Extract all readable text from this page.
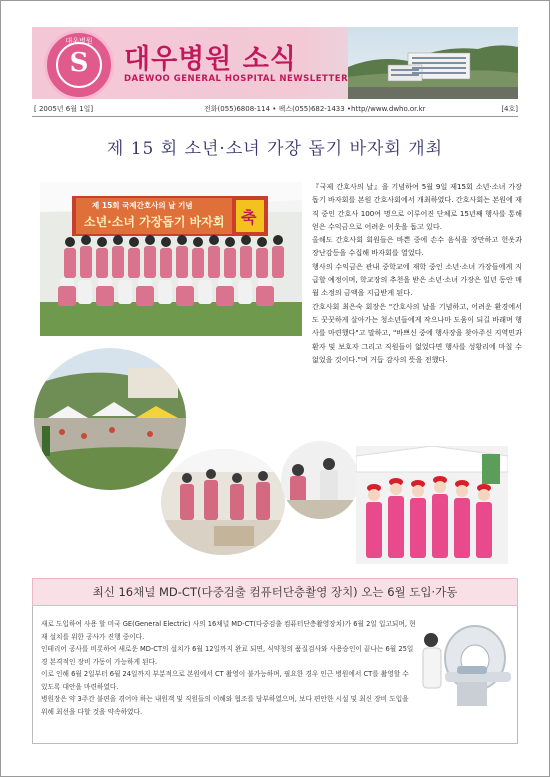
대우병원
S	대우병원 소식
DAEWOO GENERAL HOSPITAL NEWSLETTER
[ 2005년 6월 1일]	전화(055)6808-114 • 팩스(055)682-1433 •http//www.dwho.or.kr	[4호]
제 15 회 소년·소녀 가장 돕기 바자회 개최
제 15회 국제간호사의 날 기념
소년·소녀 가장돕기 바자회 축

『국제 간호사의 날』을 기념하여 5월 9일 제15회 소년·소녀 가장 돕기 바자회를 본원 간호사회에서 개최하였다. 간호사회는 본원에 재직 중인 간호사 100여 명으로 이루어진 단체로 15년째 행사를 통해 얻은 수익금으로 어려운 이웃을 돕고 있다.

올해도 간호사회 회원들은 바쁜 중에 손수 음식을 장만하고 헌옷과 장난감등을 수집해 바자회를 열었다.

행사의 수익금은 관내 중학교에 재학 중인 소년·소녀 가장들에게 지급할 예정이며, 학교장의 추천을 받은 소년·소녀 가장은 일년 동안 매월 소정의 금액을 지급받게 된다.

간호사회 최은숙 회장은 "간호사의 날을 기념하고, 어려운 환경에서도 꿋꿋하게 살아가는 청소년들에게 작으나마 도움이 되길 바래며 행사를 마련했다"고 말하고, "바쁘신 중에 행사장을 찾아주신 지역민과 환자 및 보호자 그리고 직원들이 없었다면 행사를 성황리에 마칠 수 없었을 것이다."며 거듭 감사의 뜻을 전했다.

최신 16채널 MD-CT(다중검출 컴퓨터단층촬영 장치) 오는 6월 도입·가동

새로 도입하여 사용 할 미국 GE(General Electric) 사의 16채널 MD-CT(다중검출 컴퓨터단층촬영장치)가 6월 2일 입고되며, 현재 설치를 위한 공사가 진행 중이다.

인테리어 공사를 비롯하여 새로운 MD-CT의 설치가 6월 12일까지 완료 되면, 식약청의 품질검사와 사용승인이 끝나는 6월 25일경 본격적인 장비 가동이 가능하게 된다.

이로 인해 6월 2일부터 6월 24일까지 부분적으로 본원에서 CT 촬영이 불가능하며, 필요한 경우 인근 병원에서 CT를 촬영할 수 있도록 대안을 마련하였다.

병원장은 약 3주간 불편을 겪어야 하는 내원객 및 직원들의 이해와 협조를 당부하였으며, 보다 편안한 시설 및 최신 장비 도입을 위해 최선을 다할 것을 약속하였다.
